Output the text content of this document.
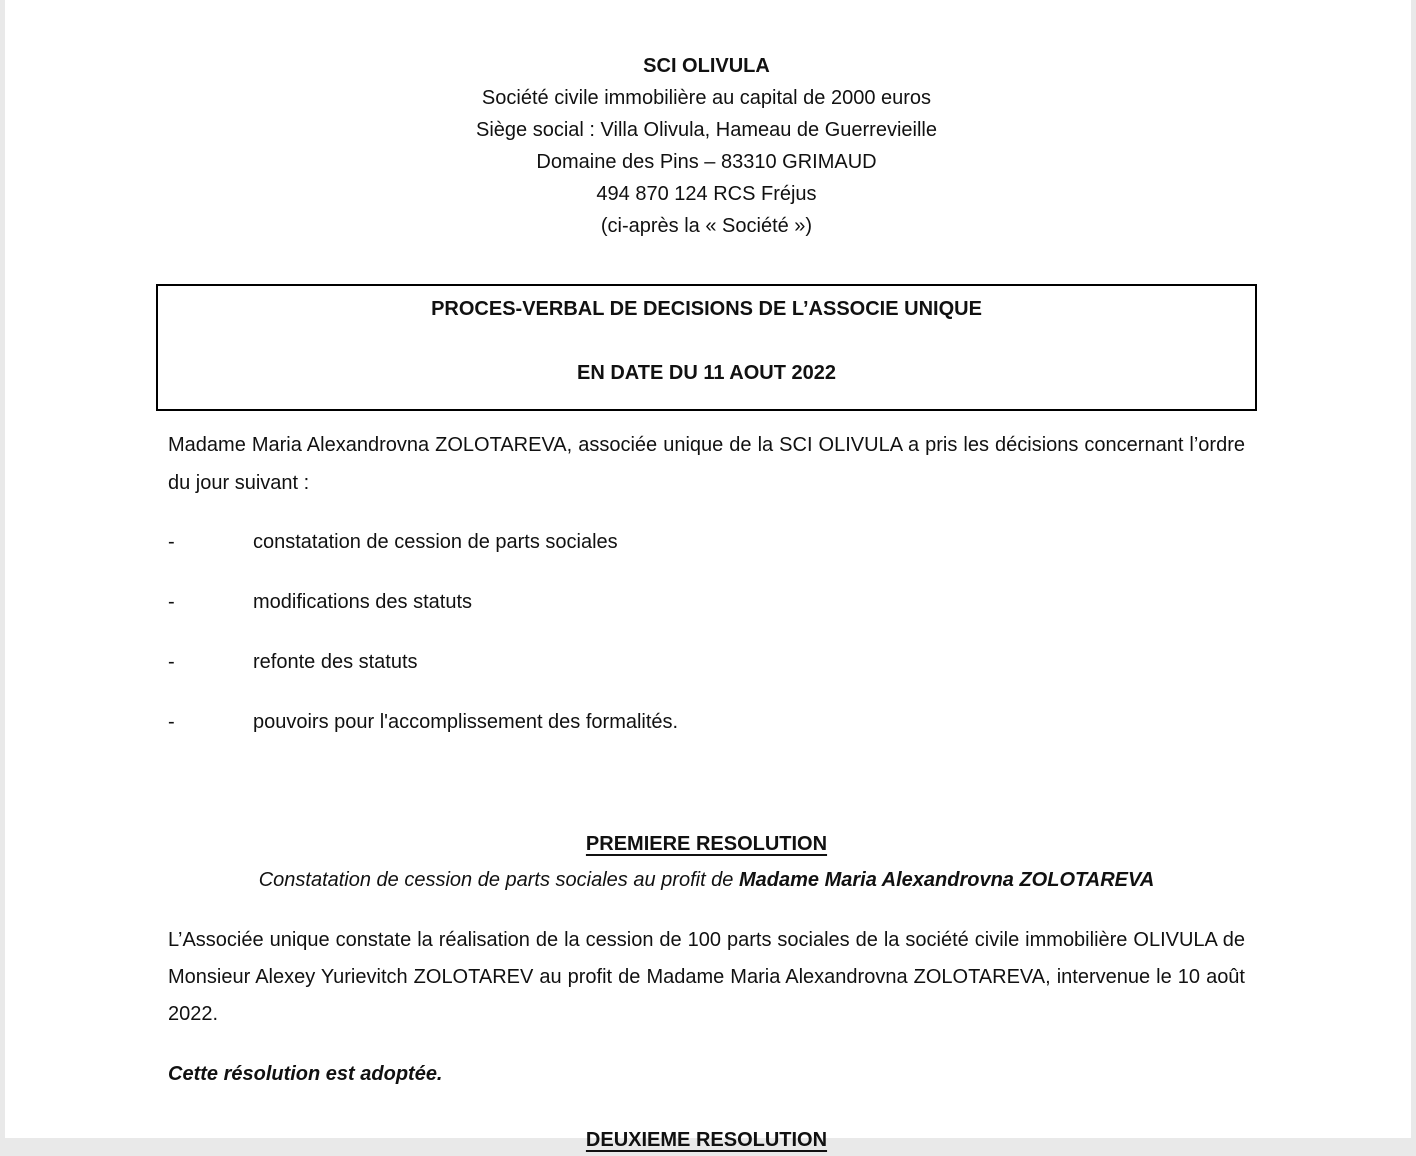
SCI OLIVULA

Société civile immobilière au capital de 2000 euros

Siège social : Villa Olivula, Hameau de Guerrevieille

Domaine des Pins – 83310 GRIMAUD

494 870 124 RCS Fréjus

(ci-après la « Société »)

PROCES-VERBAL DE DECISIONS DE L’ASSOCIE UNIQUE

EN DATE DU 11 AOUT 2022

Madame Maria Alexandrovna ZOLOTAREVA, associée unique de la SCI OLIVULA a pris les décisions concernant l’ordre du jour suivant :

-	constatation de cession de parts sociales
-	modifications des statuts
-	refonte des statuts
-	pouvoirs pour l'accomplissement des formalités.

PREMIERE RESOLUTION

Constatation de cession de parts sociales au profit de Madame Maria Alexandrovna ZOLOTAREVA

L’Associée unique constate la réalisation de la cession de 100 parts sociales de la société civile immobilière OLIVULA de Monsieur Alexey Yurievitch ZOLOTAREV au profit de Madame Maria Alexandrovna ZOLOTAREVA, intervenue le 10 août 2022.

Cette résolution est adoptée.

DEUXIEME RESOLUTION
